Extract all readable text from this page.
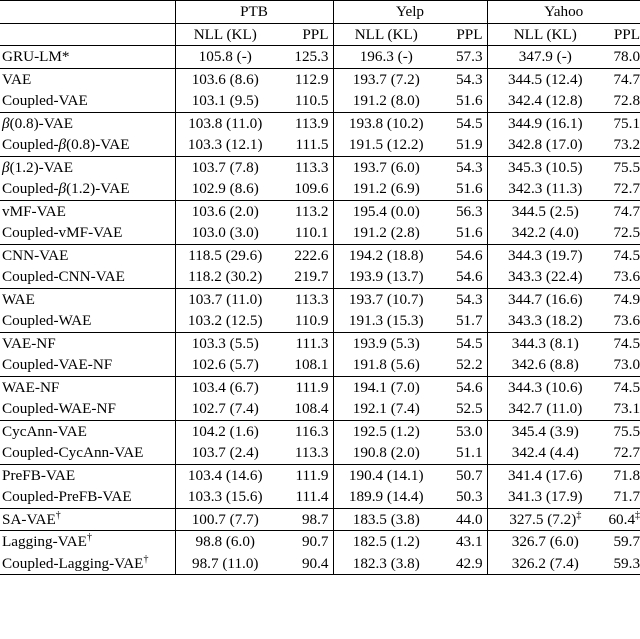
	PTB		Yelp		Yahoo	
	NLL (KL)	PPL	NLL (KL)	PPL	NLL (KL)	PPL
GRU-LM*	105.8 (-)	125.3	196.3 (-)	57.3	347.9 (-)	78.0
VAE	103.6 (8.6)	112.9	193.7 (7.2)	54.3	344.5 (12.4)	74.7
Coupled-VAE	103.1 (9.5)	110.5	191.2 (8.0)	51.6	342.4 (12.8)	72.8
β(0.8)-VAE	103.8 (11.0)	113.9	193.8 (10.2)	54.5	344.9 (16.1)	75.1
Coupled-β(0.8)-VAE	103.3 (12.1)	111.5	191.5 (12.2)	51.9	342.8 (17.0)	73.2
β(1.2)-VAE	103.7 (7.8)	113.3	193.7 (6.0)	54.3	345.3 (10.5)	75.5
Coupled-β(1.2)-VAE	102.9 (8.6)	109.6	191.2 (6.9)	51.6	342.3 (11.3)	72.7
vMF-VAE	103.6 (2.0)	113.2	195.4 (0.0)	56.3	344.5 (2.5)	74.7
Coupled-vMF-VAE	103.0 (3.0)	110.1	191.2 (2.8)	51.6	342.2 (4.0)	72.5
CNN-VAE	118.5 (29.6)	222.6	194.2 (18.8)	54.6	344.3 (19.7)	74.5
Coupled-CNN-VAE	118.2 (30.2)	219.7	193.9 (13.7)	54.6	343.3 (22.4)	73.6
WAE	103.7 (11.0)	113.3	193.7 (10.7)	54.3	344.7 (16.6)	74.9
Coupled-WAE	103.2 (12.5)	110.9	191.3 (15.3)	51.7	343.3 (18.2)	73.6
VAE-NF	103.3 (5.5)	111.3	193.9 (5.3)	54.5	344.3 (8.1)	74.5
Coupled-VAE-NF	102.6 (5.7)	108.1	191.8 (5.6)	52.2	342.6 (8.8)	73.0
WAE-NF	103.4 (6.7)	111.9	194.1 (7.0)	54.6	344.3 (10.6)	74.5
Coupled-WAE-NF	102.7 (7.4)	108.4	192.1 (7.4)	52.5	342.7 (11.0)	73.1
CycAnn-VAE	104.2 (1.6)	116.3	192.5 (1.2)	53.0	345.4 (3.9)	75.5
Coupled-CycAnn-VAE	103.7 (2.4)	113.3	190.8 (2.0)	51.1	342.4 (4.4)	72.7
PreFB-VAE	103.4 (14.6)	111.9	190.4 (14.1)	50.7	341.4 (17.6)	71.8
Coupled-PreFB-VAE	103.3 (15.6)	111.4	189.9 (14.4)	50.3	341.3 (17.9)	71.7
SA-VAE†	100.7 (7.7)	98.7	183.5 (3.8)	44.0	327.5 (7.2)‡	60.4‡
Lagging-VAE†	98.8 (6.0)	90.7	182.5 (1.2)	43.1	326.7 (6.0)	59.7
Coupled-Lagging-VAE†	98.7 (11.0)	90.4	182.3 (3.8)	42.9	326.2 (7.4)	59.3
